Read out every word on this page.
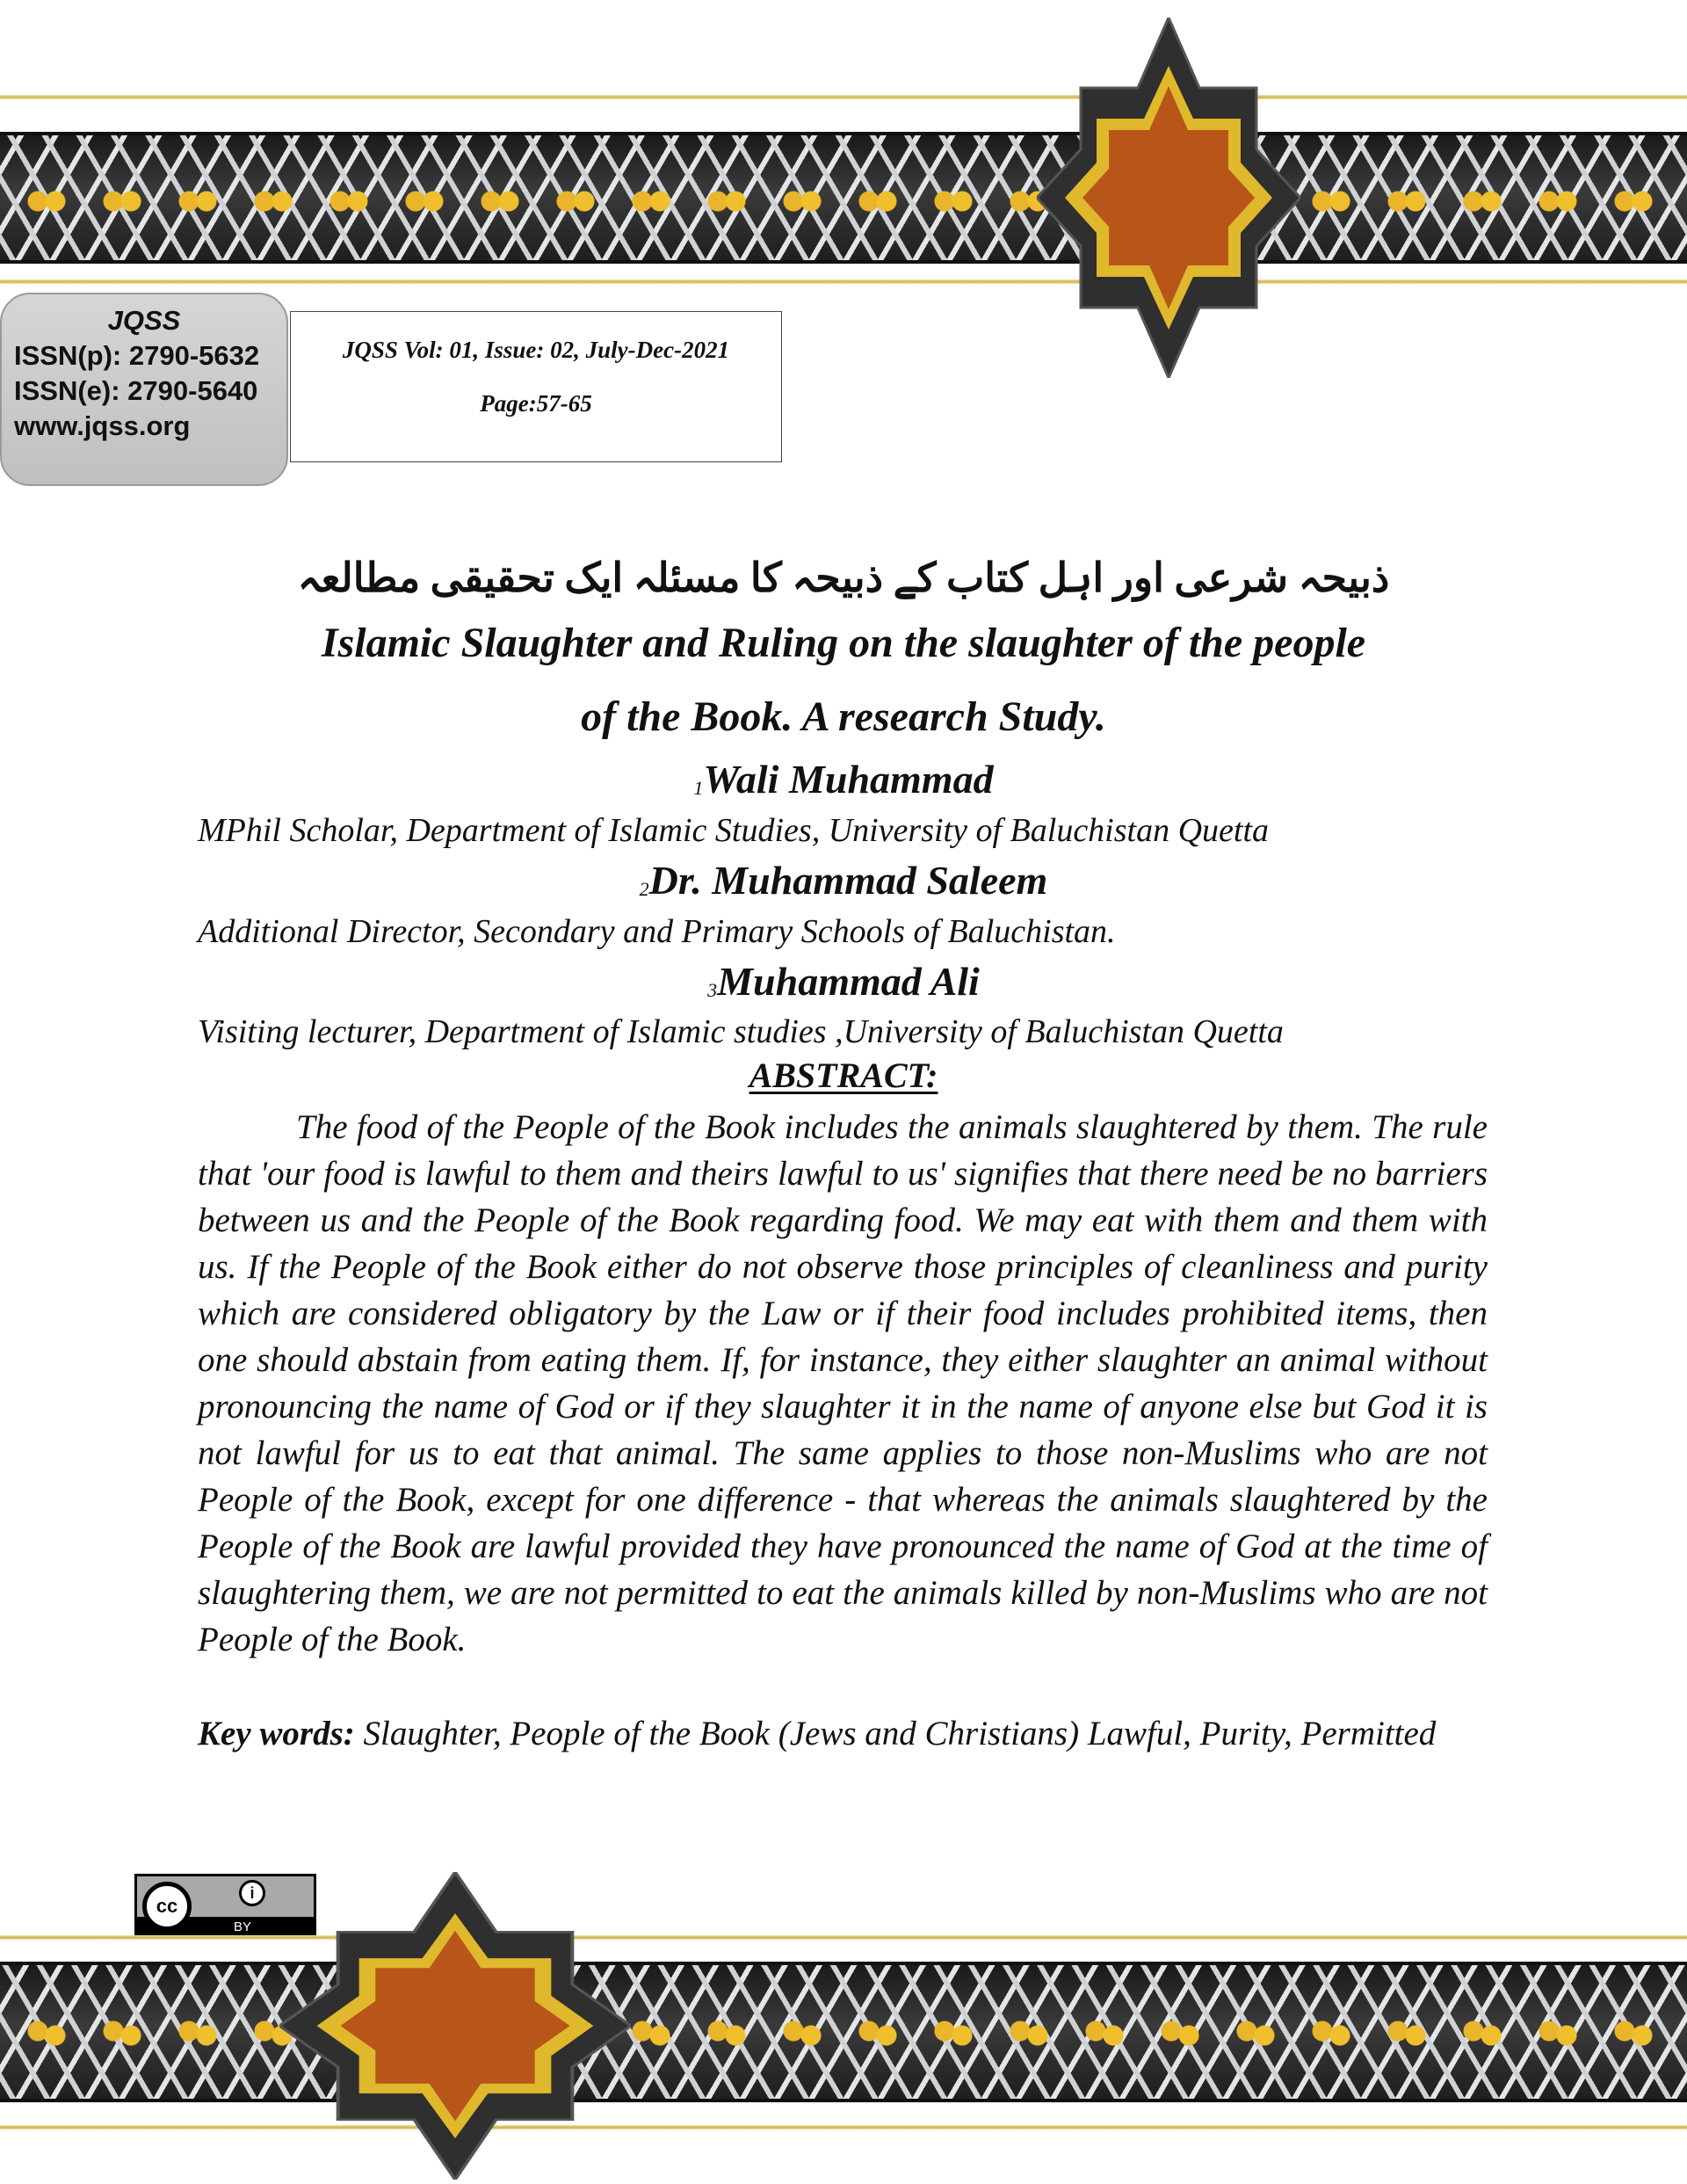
JQSS
ISSN(p): 2790-5632
ISSN(e): 2790-5640
www.jqss.org
JQSS Vol: 01, Issue: 02, July-Dec-2021
Page:57-65
ذبیحہ شرعی اور اہل کتاب کے ذبیحہ کا مسئلہ ایک تحقیقی مطالعہ
Islamic Slaughter and Ruling on the slaughter of the people
of the Book. A research Study.
$_1$Wali Muhammad
MPhil Scholar, Department of Islamic Studies, University of Baluchistan Quetta
$_2$Dr. Muhammad Saleem
Additional Director, Secondary and Primary Schools of Baluchistan.
$_3$Muhammad Ali
Visiting lecturer, Department of Islamic studies ,University of Baluchistan Quetta
ABSTRACT:
The food of the People of the Book includes the animals slaughtered by them. The rule that 'our food is lawful to them and theirs lawful to us' signifies that there need be no barriers between us and the People of the Book regarding food. We may eat with them and them with us. If the People of the Book either do not observe those principles of cleanliness and purity which are considered obligatory by the Law or if their food includes prohibited items, then one should abstain from eating them. If, for instance, they either slaughter an animal without pronouncing the name of God or if they slaughter it in the name of anyone else but God it is not lawful for us to eat that animal. The same applies to those non-Muslims who are not People of the Book, except for one difference - that whereas the animals slaughtered by the People of the Book are lawful provided they have pronounced the name of God at the time of slaughtering them, we are not permitted to eat the animals killed by non-Muslims who are not People of the Book.
Key words: Slaughter, People of the Book (Jews and Christians) Lawful, Purity, Permitted
cc
i
BY
